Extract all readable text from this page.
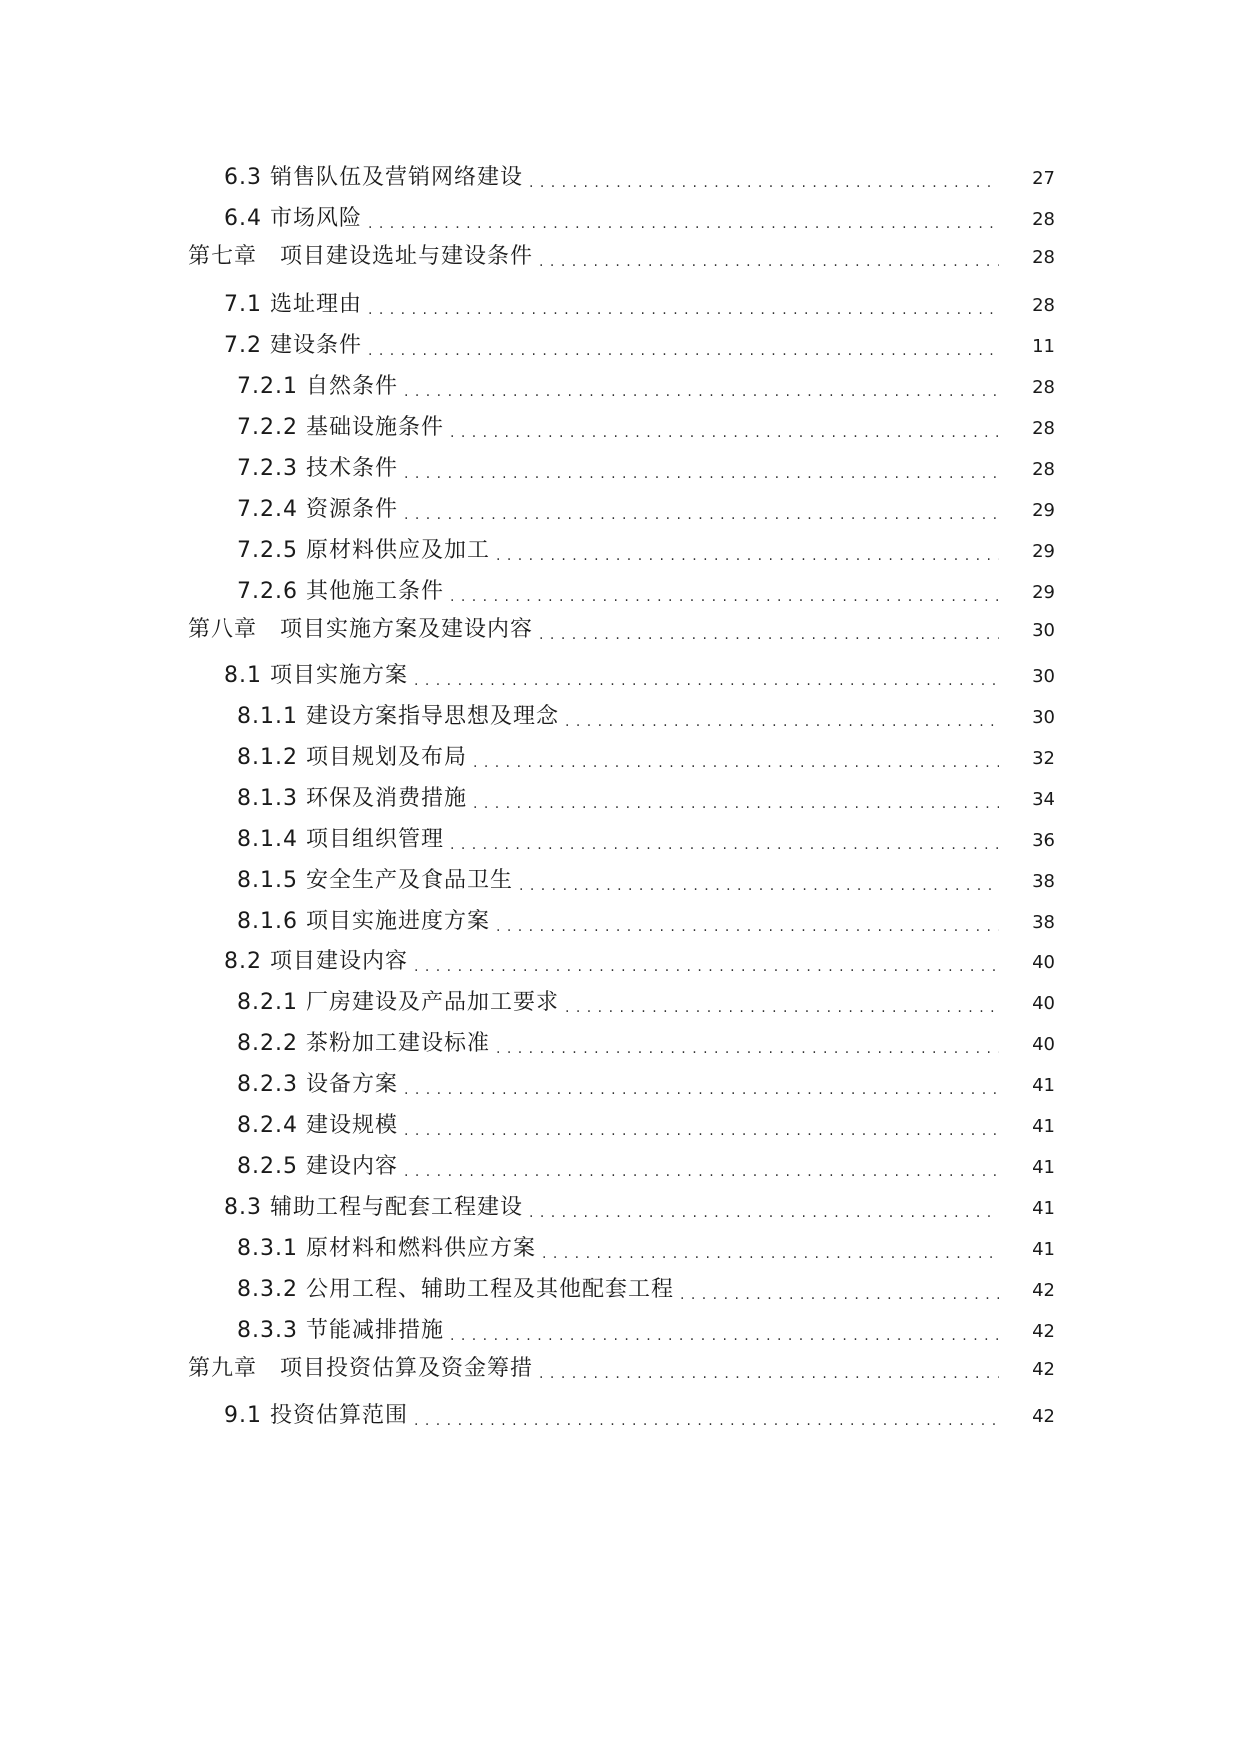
6.3 销售队伍及营销网络建设 . . .	27
6.4 市场风险 . . .	28
第七章　项目建设选址与建设条件 . . .	28
7.1 选址理由 . . .	28
7.2 建设条件 . . .	11
7.2.1 自然条件 . . .	28
7.2.2 基础设施条件 . . .	28
7.2.3 技术条件 . . .	28
7.2.4 资源条件 . . .	29
7.2.5 原材料供应及加工 . . .	29
7.2.6 其他施工条件 . . .	29
第八章　项目实施方案及建设内容 . . .	30
8.1 项目实施方案 . . .	30
8.1.1 建设方案指导思想及理念 . . .	30
8.1.2 项目规划及布局 . . .	32
8.1.3 环保及消费措施 . . .	34
8.1.4 项目组织管理 . . .	36
8.1.5 安全生产及食品卫生 . . .	38
8.1.6 项目实施进度方案 . . .	38
8.2 项目建设内容 . . .	40
8.2.1 厂房建设及产品加工要求 . . .	40
8.2.2 茶粉加工建设标准 . . .	40
8.2.3 设备方案 . . .	41
8.2.4 建设规模 . . .	41
8.2.5 建设内容 . . .	41
8.3 辅助工程与配套工程建设 . . .	41
8.3.1 原材料和燃料供应方案 . . .	41
8.3.2 公用工程、辅助工程及其他配套工程 . . .	42
8.3.3 节能减排措施 . . .	42
第九章　项目投资估算及资金筹措 . . .	42
9.1 投资估算范围 . . .	42
